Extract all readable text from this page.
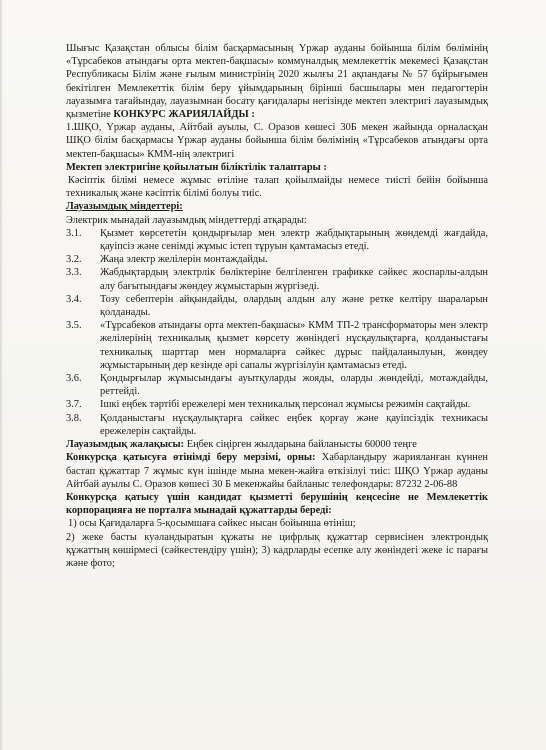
Шығыс Қазақстан облысы білім басқармасының Үржар ауданы бойынша білім бөлімінің «Тұрсабеков атындағы орта мектеп-бақшасы» коммуналдық мемлекеттік мекемесі Қазақстан Республикасы Білім және ғылым министрінің 2020 жылғы 21 ақпандағы № 57 бұйрығымен бекітілген Мемлекеттік білім беру ұйымдарының бірінші басшылары мен педагогтерін лауазымға тағайындау, лауазымнан босату қағидалары негізінде мектеп электригі лауазымдық қызметіне КОНКУРС ЖАРИЯЛАЙДЫ :

1.ШҚО, Үржар ауданы, Айтбай ауылы, С. Оразов көшесі 30Б мекен жайында орналасқан ШҚО білім басқармасы Үржар ауданы бойынша білім бөлімінің «Тұрсабеков атындағы орта мектеп-бақшасы» КММ-нің электригі

Мектеп электригіне қойылатын біліктілік талаптары :

Кәсіптік білімі немесе жұмыс өтіліне талап қойылмайды немесе тиісті бейін бойынша техникалық және кәсіптік білімі болуы тиіс.

Лауазымдық міндеттері:

Электрик мынадай лауазымдық міндеттерді атқарады:

3.1.	Қызмет көрсететін қондырғылар мен электр жабдықтарының жөндемді жағдайда, қауіпсіз және сенімді жұмыс істеп тұруын қамтамасыз етеді.
3.2.	Жаңа электр желілерін монтаждайды.
3.3.	Жабдықтардың электрлік бөліктеріне белгіленген графикке сәйкес жоспарлы-алдын алу бағытындағы жөндеу жұмыстарын жүргізеді.
3.4.	Тозу себептерін айқындайды, олардың алдын алу және ретке келтіру шараларын қолданады.
3.5.	«Тұрсабеков атындағы орта мектеп-бақшасы» КММ ТП-2 трансформаторы мен электр желілерінің техникалық қызмет көрсету жөніндегі нұсқаулықтарға, қолданыстағы техникалық шарттар мен нормаларға сәйкес дұрыс пайдаланылуын, жөндеу жұмыстарының дер кезінде әрі сапалы жүргізілуін қамтамасыз етеді.
3.6.	Қондырғылар жұмысындағы ауытқуларды жояды, оларды жөндейді, мотаждайды, реттейді.
3.7.	Ішкі еңбек тәртібі ережелері мен техникалық персонал жұмысы режимін сақтайды.
3.8.	Қолданыстағы нұсқаулықтарға сәйкес еңбек қорғау және қауіпсіздік техникасы ережелерін сақтайды.

Лауазымдық жалақысы: Еңбек сіңірген жылдарына байланысты 60000 теңге

Конкурсқа қатысуға өтінімді беру мерзімі, орны: Хабарландыру жарияланған күннен бастап құжаттар 7 жұмыс күн ішінде мына мекен-жайға өткізілуі тиіс: ШҚО Үржар ауданы Айтбай ауылы С. Оразов көшесі 30 Б мекенжайы байланыс телефондары: 87232 2-06-88

Конкурсқа қатысу үшін кандидат қызметті берушінің кеңсесіне не Мемлекеттік корпорацияға не порталға мынадай құжаттарды береді:

1) осы Қағидаларға 5-қосымшаға сәйкес нысан бойынша өтініш;

2) жеке басты куәландыратын құжаты не цифрлық құжаттар сервисінен электрондық құжаттың көшірмесі (сәйкестендіру үшін); 3) кадрларды есепке алу жөніндегі жеке іс парағы және фото;
